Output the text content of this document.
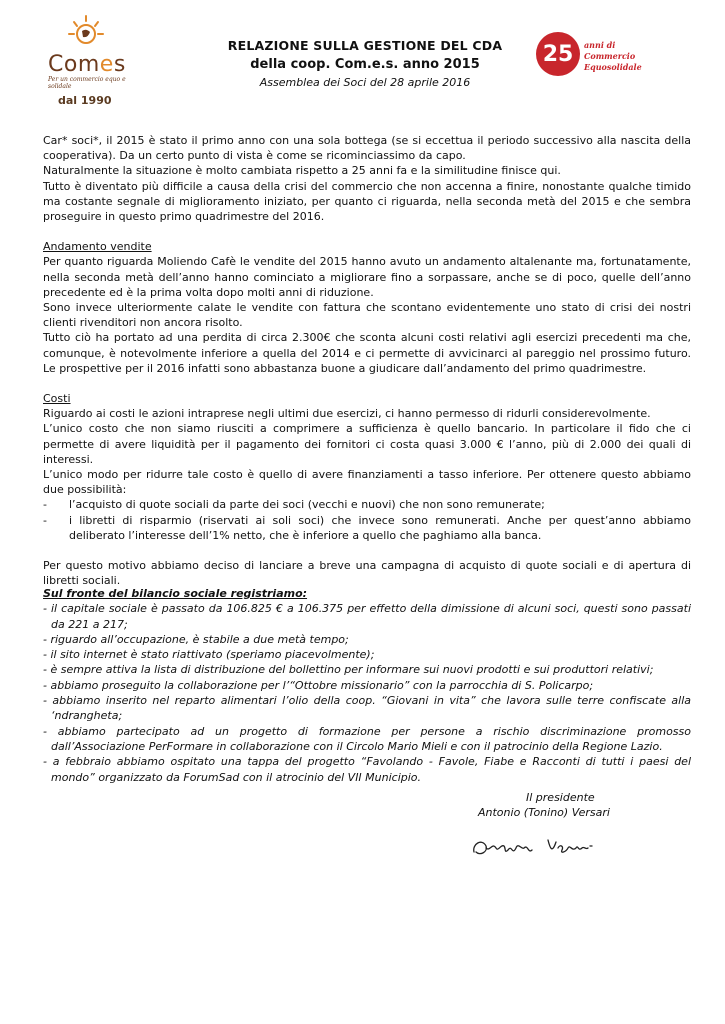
Comes
Per un commercio equo e solidale
dal 1990
RELAZIONE SULLA GESTIONE DEL CDA
della coop. Com.e.s. anno 2015
Assemblea dei Soci del 28 aprile 2016
25	anni di
Commercio
Equosolidale

Car* soci*, il 2015 è stato il primo anno con una sola bottega (se si eccettua il periodo successivo alla nascita della cooperativa). Da un certo punto di vista è come se ricominciassimo da capo.

Naturalmente la situazione è molto cambiata rispetto a 25 anni fa e la similitudine finisce qui.

Tutto è diventato più difficile a causa della crisi del commercio che non accenna a finire, nonostante qualche timido ma costante segnale di miglioramento iniziato, per quanto ci riguarda, nella seconda metà del 2015 e che sembra proseguire in questo primo quadrimestre del 2016.

Andamento vendite

Per quanto riguarda Moliendo Cafè le vendite del 2015 hanno avuto un andamento altalenante ma, fortunatamente, nella seconda metà dell’anno hanno cominciato a migliorare fino a sorpassare, anche se di poco, quelle dell’anno precedente ed è la prima volta dopo molti anni di riduzione.

Sono invece ulteriormente calate le vendite con fattura che scontano evidentemente uno stato di crisi dei nostri clienti rivenditori non ancora risolto.

Tutto ciò ha portato ad una perdita di circa 2.300€ che sconta alcuni costi relativi agli esercizi precedenti ma che, comunque, è notevolmente inferiore a quella del 2014 e ci permette di avvicinarci al pareggio nel prossimo futuro. Le prospettive per il 2016 infatti sono abbastanza buone a giudicare dall’andamento del primo quadrimestre.

Costi

Riguardo ai costi le azioni intraprese negli ultimi due esercizi, ci hanno permesso di ridurli considerevolmente.

L’unico costo che non siamo riusciti a comprimere a sufficienza è quello bancario. In particolare il fido che ci permette di avere liquidità per il pagamento dei fornitori ci costa quasi 3.000 € l’anno, più di 2.000 dei quali di interessi.

L’unico modo per ridurre tale costo è quello di avere finanziamenti a tasso inferiore. Per ottenere questo abbiamo due possibilità:

- l’acquisto di quote sociali da parte dei soci (vecchi e nuovi) che non sono remunerate;
- i libretti di risparmio (riservati ai soli soci) che invece sono remunerati. Anche per quest’anno abbiamo deliberato l’interesse dell’1% netto, che è inferiore a quello che paghiamo alla banca.

Per questo motivo abbiamo deciso di lanciare a breve una campagna di acquisto di quote sociali e di apertura di libretti sociali.

Sul fronte del bilancio sociale registriamo:
- il capitale sociale è passato da 106.825 € a 106.375 per effetto della dimissione di alcuni soci, questi sono passati da 221 a 217;
- riguardo all’occupazione, è stabile a due metà tempo;
- il sito internet è stato riattivato (speriamo piacevolmente);
- è sempre attiva la lista di distribuzione del bollettino per informare sui nuovi prodotti e sui produttori relativi;
- abbiamo proseguito la collaborazione per l’“Ottobre missionario” con la parrocchia di S. Policarpo;
- abbiamo inserito nel reparto alimentari l’olio della coop. “Giovani in vita” che lavora sulle terre confiscate alla ‘ndrangheta;
- abbiamo partecipato ad un progetto di formazione per persone a rischio discriminazione promosso dall’Associazione PerFormare in collaborazione con il Circolo Mario Mieli e con il patrocinio della Regione Lazio.
- a febbraio abbiamo ospitato una tappa del progetto “Favolando - Favole, Fiabe e Racconti di tutti i paesi del mondo” organizzato da ForumSad con il atrocinio del VII Municipio.
Il presidente
Antonio (Tonino) Versari
